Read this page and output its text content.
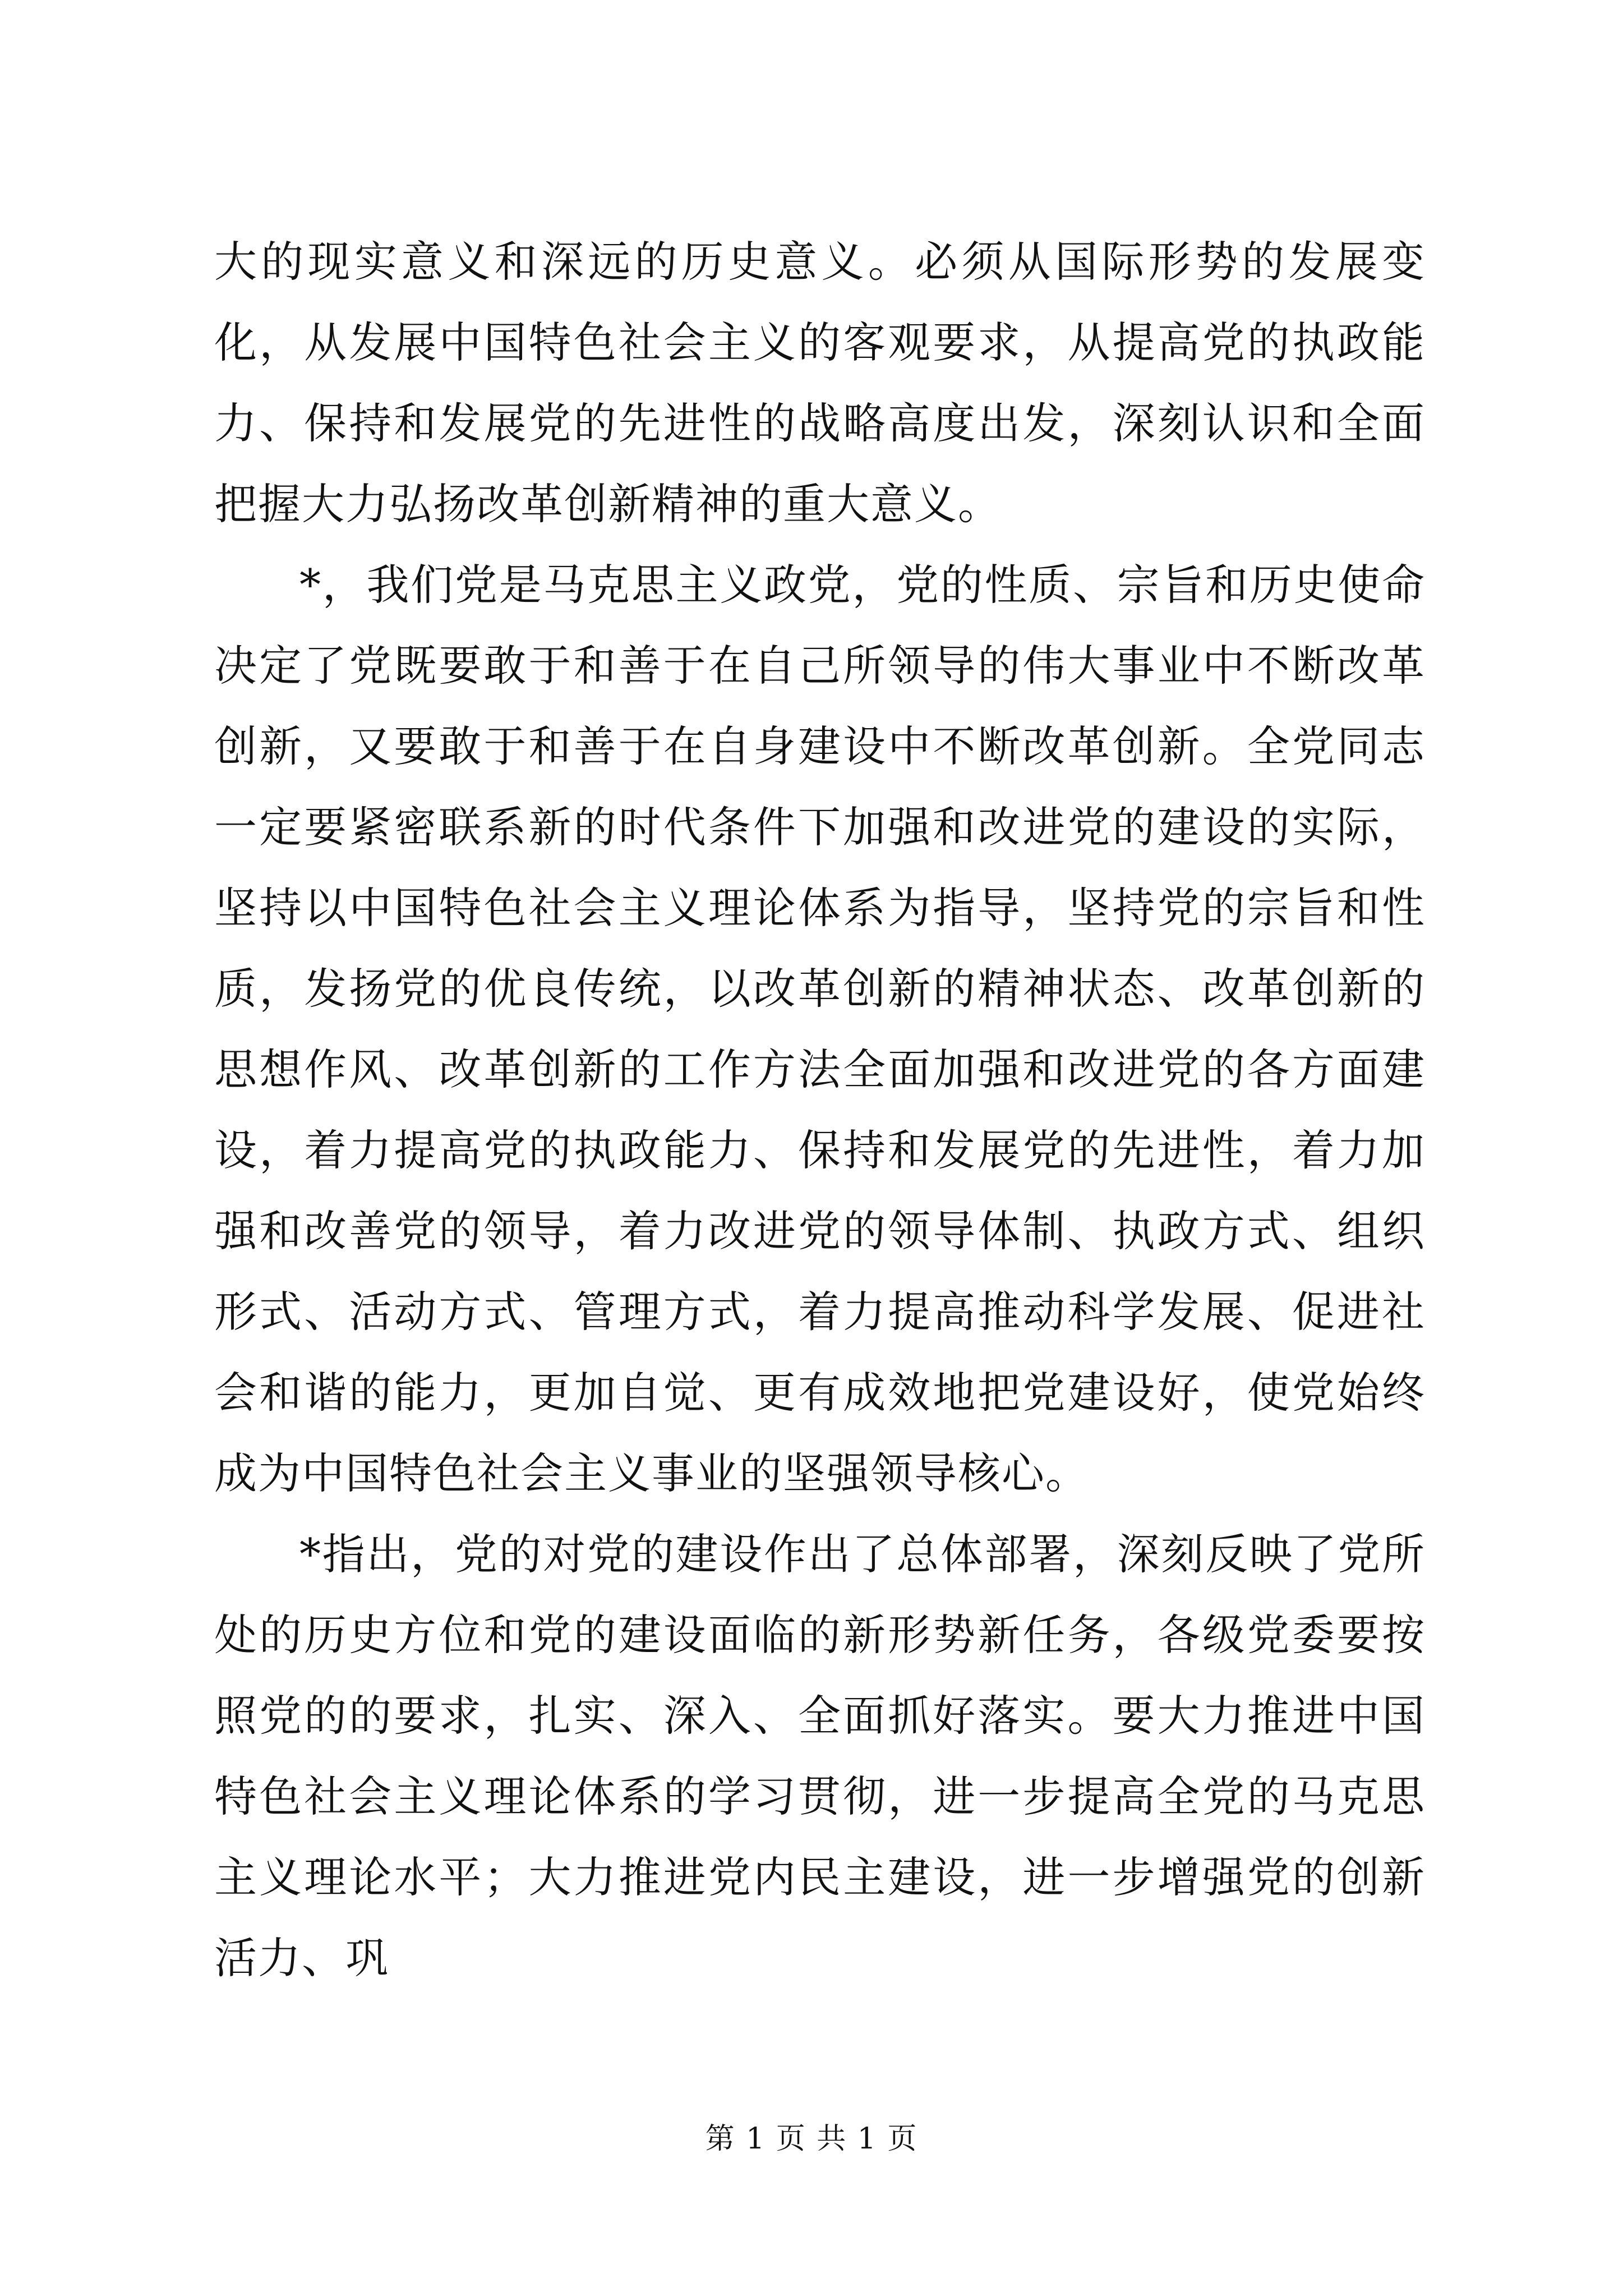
大的现实意义和深远的历史意义。必须从国际形势的发展变化，从发展中国特色社会主义的客观要求，从提高党的执政能力、保持和发展党的先进性的战略高度出发，深刻认识和全面把握大力弘扬改革创新精神的重大意义。

*，我们党是马克思主义政党，党的性质、宗旨和历史使命决定了党既要敢于和善于在自己所领导的伟大事业中不断改革创新，又要敢于和善于在自身建设中不断改革创新。全党同志一定要紧密联系新的时代条件下加强和改进党的建设的实际，坚持以中国特色社会主义理论体系为指导，坚持党的宗旨和性质，发扬党的优良传统，以改革创新的精神状态、改革创新的思想作风、改革创新的工作方法全面加强和改进党的各方面建设，着力提高党的执政能力、保持和发展党的先进性，着力加强和改善党的领导，着力改进党的领导体制、执政方式、组织形式、活动方式、管理方式，着力提高推动科学发展、促进社会和谐的能力，更加自觉、更有成效地把党建设好，使党始终成为中国特色社会主义事业的坚强领导核心。

*指出，党的对党的建设作出了总体部署，深刻反映了党所处的历史方位和党的建设面临的新形势新任务，各级党委要按照党的的要求，扎实、深入、全面抓好落实。要大力推进中国特色社会主义理论体系的学习贯彻，进一步提高全党的马克思主义理论水平；大力推进党内民主建设，进一步增强党的创新活力、巩

第 1 页 共 1 页
